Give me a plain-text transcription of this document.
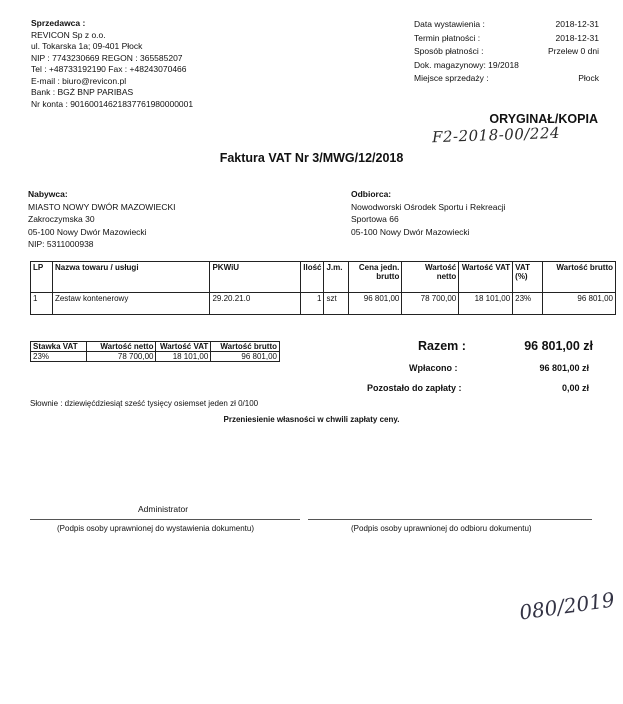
Sprzedawca :
REVICON Sp z o.o.
ul. Tokarska 1a; 09-401 Płock
NIP : 7743230669 REGON : 365585207
Tel : +48733192190 Fax : +48243070466
E-mail : biuro@revicon.pl
Bank : BGŻ BNP PARIBAS
Nr konta : 90160014621837761980000001
Data wystawienia :	2018-12-31
Termin płatności :	2018-12-31
Sposób płatności :	Przelew 0 dni
Dok. magazynowy: 19/2018
Miejsce sprzedaży :	Płock
ORYGINAŁ/KOPIA
F2-2018-00/224
Faktura VAT Nr 3/MWG/12/2018
Nabywca:
MIASTO NOWY DWÓR MAZOWIECKI
Zakroczymska 30
05-100 Nowy Dwór Mazowiecki
NIP: 5311000938
Odbiorca:
Nowodworski Ośrodek Sportu i Rekreacji
Sportowa 66
05-100 Nowy Dwór Mazowiecki
LP	Nazwa towaru / usługi	PKWiU	Ilość	J.m.	Cena jedn. brutto	Wartość netto	Wartość VAT	VAT (%)	Wartość brutto
1	Zestaw kontenerowy	29.20.21.0	1	szt	96 801,00	78 700,00	18 101,00	23%	96 801,00
Stawka VAT	Wartość netto	Wartość VAT	Wartość brutto
23%	78 700,00	18 101,00	96 801,00
Razem :	96 801,00 zł
Wpłacono :	96 801,00 zł
Pozostało do zapłaty :	0,00 zł
Słownie : dziewięćdziesiąt sześć tysięcy osiemset jeden zł 0/100
Przeniesienie własności w chwili zapłaty ceny.
Administrator
(Podpis osoby uprawnionej do wystawienia dokumentu)	(Podpis osoby uprawnionej do odbioru dokumentu)
080/2019
